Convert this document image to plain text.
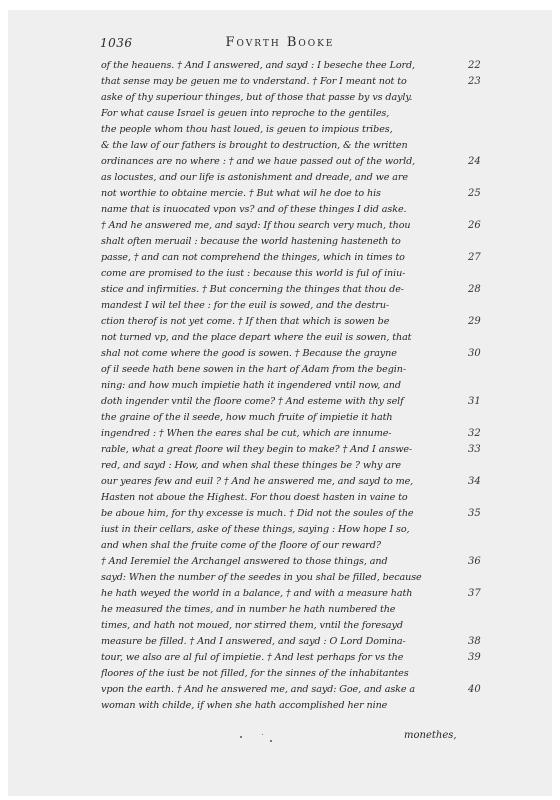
1036	Fovrth Booke
of the heauens. † And I answered, and sayd : I beseche thee Lord,	22
that sense may be geuen me to vnderstand. † For I meant not to	23
aske of thy superiour thinges, but of those that passe by vs dayly.
For what cause Israel is geuen into reproche to the gentiles,
the people whom thou hast loued, is geuen to impious tribes,
& the law of our fathers is brought to destruction, & the written
ordinances are no where : † and we haue passed out of the world,	24
as locustes, and our life is astonishment and dreade, and we are
not worthie to obtaine mercie. † But what wil he doe to his	25
name that is inuocated vpon vs? and of these thinges I did aske.
† And he answered me, and sayd: If thou search very much, thou	26
shalt often meruail : because the world hastening hasteneth to
passe, † and can not comprehend the thinges, which in times to	27
come are promised to the iust : because this world is ful of iniu-
stice and infirmities. † But concerning the thinges that thou de-	28
mandest I wil tel thee : for the euil is sowed, and the destru-
ction therof is not yet come. † If then that which is sowen be	29
not turned vp, and the place depart where the euil is sowen, that
shal not come where the good is sowen. † Because the grayne	30
of il seede hath bene sowen in the hart of Adam from the begin-
ning: and how much impietie hath it ingendered vntil now, and
doth ingender vntil the floore come? † And esteme with thy self	31
the graine of the il seede, how much fruite of impietie it hath
ingendred : † When the eares shal be cut, which are innume-	32
rable, what a great floore wil they begin to make? † And I answe-	33
red, and sayd : How, and when shal these thinges be ? why are
our yeares few and euil ? † And he answered me, and sayd to me,	34
Hasten not aboue the Highest. For thou doest hasten in vaine to
be aboue him, for thy excesse is much. † Did not the soules of the	35
iust in their cellars, aske of these things, saying : How hope I so,
and when shal the fruite come of the floore of our reward?
† And Ieremiel the Archangel answered to those things, and	36
sayd: When the number of the seedes in you shal be filled, because
he hath weyed the world in a balance, † and with a measure hath	37
he measured the times, and in number he hath numbered the
times, and hath not moued, nor stirred them, vntil the foresayd
measure be filled. † And I answered, and sayd : O Lord Domina-	38
tour, we also are al ful of impietie. † And lest perhaps for vs the	39
floores of the iust be not filled, for the sinnes of the inhabitantes
vpon the earth. † And he answered me, and sayd: Goe, and aske a	40
woman with childe, if when she hath accomplished her nine
monethes,
